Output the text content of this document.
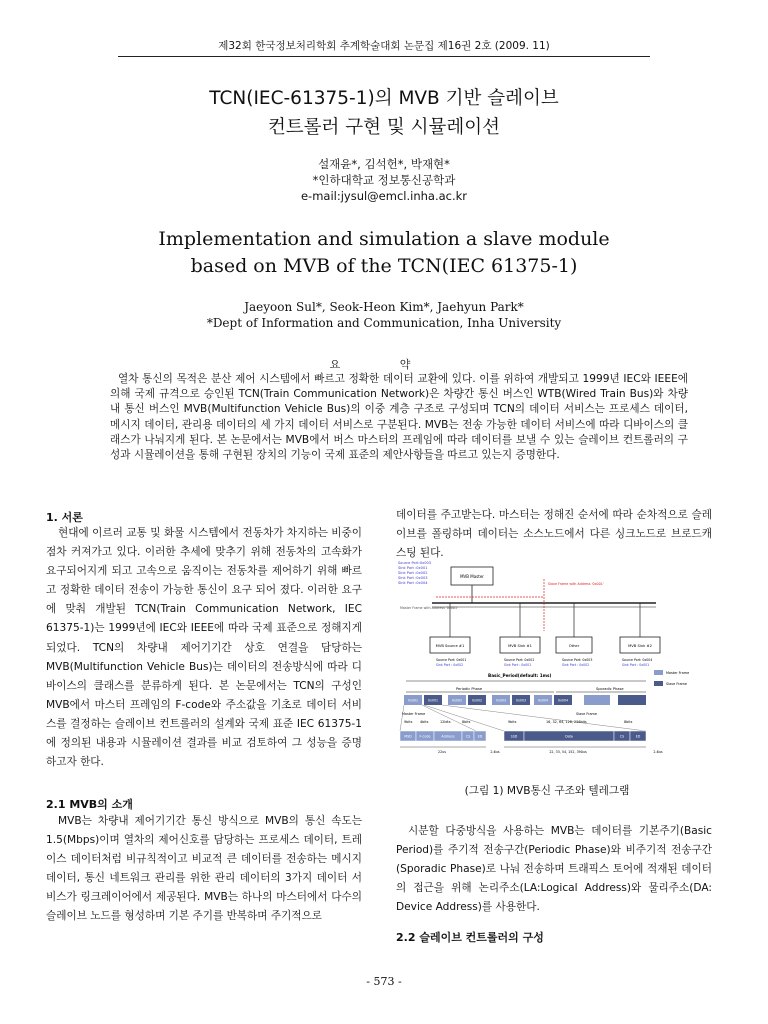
제32회 한국정보처리학회 추계학술대회 논문집 제16권 2호 (2009. 11)
TCN(IEC-61375-1)의 MVB 기반 슬레이브
컨트롤러 구현 및 시뮬레이션
설재윤*, 김석헌*, 박재현*
*인하대학교 정보통신공학과
e-mail:jysul@emcl.inha.ac.kr
Implementation and simulation a slave module
based on MVB of the TCN(IEC 61375-1)
Jaeyoon Sul*, Seok-Heon Kim*, Jaehyun Park*
*Dept of Information and Communication, Inha University
요 약
열차 통신의 목적은 분산 제어 시스템에서 빠르고 정확한 데이터 교환에 있다. 이를 위하여 개발되고 1999년 IEC와 IEEE에 의해 국제 규격으로 승인된 TCN(Train Communication Network)은 차량간 통신 버스인 WTB(Wired Train Bus)와 차량내 통신 버스인 MVB(Multifunction Vehicle Bus)의 이중 계층 구조로 구성되며 TCN의 데이터 서비스는 프로세스 데이터, 메시지 데이터, 관리용 데이터의 세 가지 데이터 서비스로 구분된다. MVB는 전송 가능한 데이터 서비스에 따라 디바이스의 클래스가 나눠지게 된다. 본 논문에서는 MVB에서 버스 마스터의 프레임에 따라 데이터를 보낼 수 있는 슬레이브 컨트롤러의 구성과 시뮬레이션을 통해 구현된 장치의 기능이 국제 표준의 제안사항들을 따르고 있는지 증명한다.
1. 서론
현대에 이르러 교통 및 화물 시스템에서 전동차가 차지하는 비중이 점차 커져가고 있다. 이러한 추세에 맞추기 위해 전동차의 고속화가 요구되어지게 되고 고속으로 움직이는 전동차를 제어하기 위해 빠르고 정확한 데이터 전송이 가능한 통신이 요구 되어 졌다. 이러한 요구에 맞춰 개발된 TCN(Train Communication Network, IEC 61375-1)는 1999년에 IEC와 IEEE에 따라 국제 표준으로 정해지게 되었다. TCN의 차량내 제어기기간 상호 연결을 담당하는 MVB(Multifunction Vehicle Bus)는 데이터의 전송방식에 따라 디바이스의 클래스를 분류하게 된다. 본 논문에서는 TCN의 구성인 MVB에서 마스터 프레임의 F-code와 주소값을 기초로 데이터 서비스를 결정하는 슬레이브 컨트롤러의 설계와 국제 표준 IEC 61375-1에 정의된 내용과 시뮬레이션 결과를 비교 검토하여 그 성능을 증명하고자 한다.
2.1 MVB의 소개
MVB는 차량내 제어기기간 통신 방식으로 MVB의 통신 속도는 1.5(Mbps)이며 열차의 제어신호를 담당하는 프로세스 데이터, 트레이스 데이터처럼 비규칙적이고 비교적 큰 데이터를 전송하는 메시지 데이터, 통신 네트워크 관리를 위한 관리 데이터의 3가지 데이터 서비스가 링크레이어에서 제공된다. MVB는 하나의 마스터에서 다수의 슬레이브 노드를 형성하며 기본 주기를 반복하며 주기적으로
데이터를 주고받는다. 마스터는 정해진 순서에 따라 순차적으로 슬레이브를 폴링하며 데이터는 소스노드에서 다른 싱크노드로 브로드캐스팅 된다.
Source Port:0x003
Sink Port :0x001
Sink Port :0x002
Sink Port :0x003
Sink Port :0x004
MVB Master
Master Frame with Address '0x001'
Slave Frame with Address '0x001'
MVB Source #1	MVB Sink #1	Other	MVB Sink #2
Source Port: 0x001
Sink Port : 0x002
Source Port: 0x002
Sink Port : 0x001
Source Port: 0x003
Sink Port : 0x002
Source Port: 0x004
Sink Port : 0x001
Basic_Period(default: 1ms)
Periodic Phase	Sporadic Phase
Master Frame
Slave Frame
0x001	0x001	0x002	0x002	0x003	0x003	0x004	0x004
Master Frame	Slave Frame
9bits 4bits	12bits	8bits	9bits	16, 32, 64, 128, 256bits	8bits
MSD F-code	Address	CS ED	SSD	Data	CS	ED
22us	2-6us	22, 33, 54, 152, 390us	2-6us
(그림 1) MVB통신 구조와 텔레그램
시분할 다중방식을 사용하는 MVB는 데이터를 기본주기(Basic Period)를 주기적 전송구간(Periodic Phase)와 비주기적 전송구간(Sporadic Phase)로 나눠 전송하며 트래픽스 토어에 적재된 데이터의 접근을 위해 논리주소(LA:Logical Address)와 물리주소(DA: Device Address)를 사용한다.
2.2 슬레이브 컨트롤러의 구성
- 573 -
